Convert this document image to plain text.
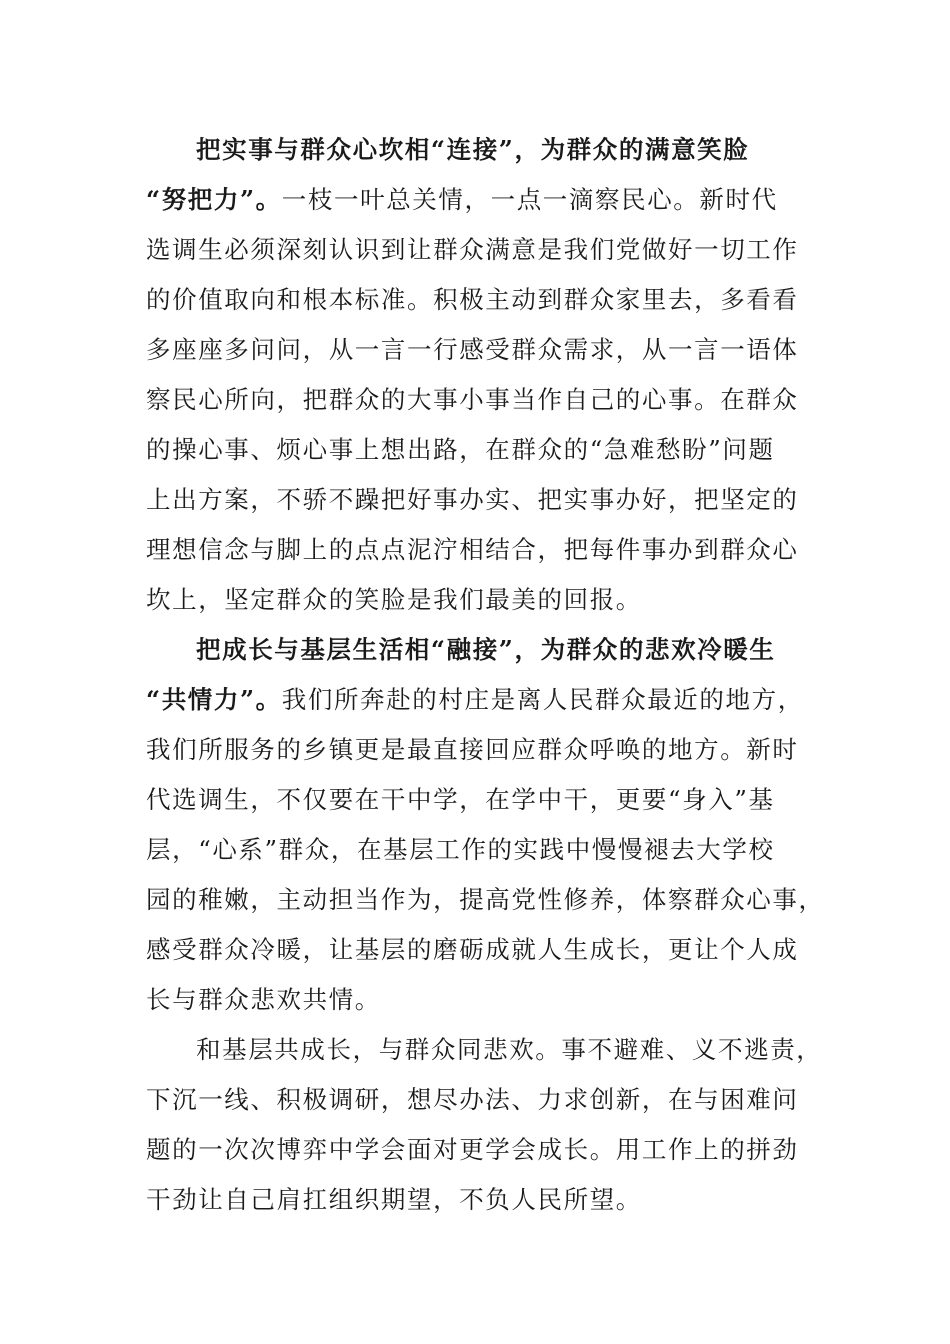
把实事与群众心坎相“连接”，为群众的满意笑脸
“努把力”。一枝一叶总关情，一点一滴察民心。新时代
选调生必须深刻认识到让群众满意是我们党做好一切工作
的价值取向和根本标准。积极主动到群众家里去，多看看
多座座多问问，从一言一行感受群众需求，从一言一语体
察民心所向，把群众的大事小事当作自己的心事。在群众
的操心事、烦心事上想出路，在群众的“急难愁盼”问题
上出方案，不骄不躁把好事办实、把实事办好，把坚定的
理想信念与脚上的点点泥泞相结合，把每件事办到群众心
坎上，坚定群众的笑脸是我们最美的回报。
把成长与基层生活相“融接”，为群众的悲欢冷暖生
“共情力”。我们所奔赴的村庄是离人民群众最近的地方，
我们所服务的乡镇更是最直接回应群众呼唤的地方。新时
代选调生，不仅要在干中学，在学中干，更要“身入”基
层，“心系”群众，在基层工作的实践中慢慢褪去大学校
园的稚嫩，主动担当作为，提高党性修养，体察群众心事，
感受群众冷暖，让基层的磨砺成就人生成长，更让个人成
长与群众悲欢共情。
和基层共成长，与群众同悲欢。事不避难、义不逃责，
下沉一线、积极调研，想尽办法、力求创新，在与困难问
题的一次次博弈中学会面对更学会成长。用工作上的拼劲
干劲让自己肩扛组织期望，不负人民所望。
